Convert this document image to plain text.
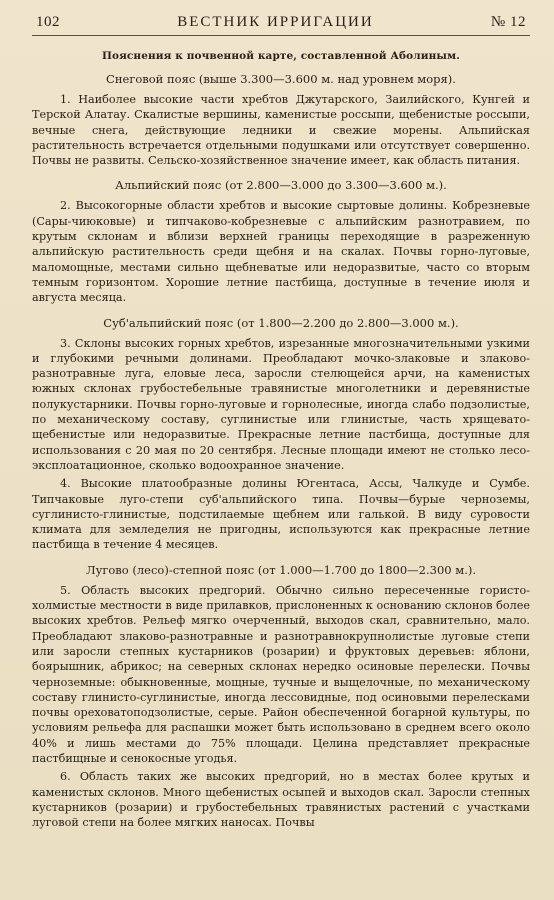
102	ВЕСТНИК ИРРИГАЦИИ	№ 12
Пояснения к почвенной карте, составленной Аболиным.
Снеговой пояс (выше 3.300—3.600 м. над уровнем моря).

1. Наиболее высокие части хребтов Джутарского, Заилийского, Кунгей и Терской Алатау. Скалистые вершины, каменистые россыпи, щебенистые россыпи, вечные снега, действующие ледники и свежие морены. Альпийская растительность встречается отдельными подушками или отсутствует совершенно. Почвы не развиты. Сельско-хозяйственное значение имеет, как область питания.

Альпийский пояс (от 2.800—3.000 до 3.300—3.600 м.).

2. Высокогорные области хребтов и высокие сыртовые долины. Кобрезневые (Сары-чиюковые) и типчаково-кобрезневые с альпийским разнотравием, по крутым склонам и вблизи верхней границы переходящие в разреженную альпийскую растительность среди щебня и на скалах. Почвы горно-луговые, маломощные, местами сильно щебневатые или недоразвитые, часто со вторым темным горизонтом. Хорошие летние пастбища, доступные в течение июля и августа месяца.

Суб'альпийский пояс (от 1.800—2.200 до 2.800—3.000 м.).

3. Склоны высоких горных хребтов, изрезанные многозначительными узкими и глубокими речными долинами. Преобладают мочко-злаковые и злаково-разнотравные луга, еловые леса, заросли стелющейся арчи, на каменистых южных склонах грубостебельные травянистые многолетники и деревянистые полукустарники. Почвы горно-луговые и горнолесные, иногда слабо подзолистые, по механическому составу, суглинистые или глинистые, часть хрящевато-щебенистые или недоразвитые. Прекрасные летние пастбища, доступные для использования с 20 мая по 20 сентября. Лесные площади имеют не столько лесо-эксплоатационное, сколько водоохранное значение.

4. Высокие платообразные долины Югентаса, Ассы, Чалкуде и Сумбе. Типчаковые луго-степи суб'альпийского типа. Почвы—бурые черноземы, суглинисто-глинистые, подстилаемые щебнем или галькой. В виду суровости климата для земледелия не пригодны, используются как прекрасные летние пастбища в течение 4 месяцев.

Лугово (лесо)-степной пояс (от 1.000—1.700 до 1800—2.300 м.).

5. Область высоких предгорий. Обычно сильно пересеченные гористо-холмистые местности в виде прилавков, прислоненных к основанию склонов более высоких хребтов. Рельеф мягко очерченный, выходов скал, сравнительно, мало. Преобладают злаково-разнотравные и разнотравнокрупнолистые луговые степи или заросли степных кустарников (розарии) и фруктовых деревьев: яблони, боярышник, абрикос; на северных склонах нередко осиновые перелески. Почвы черноземные: обыкновенные, мощные, тучные и выщелочные, по механическому составу глинисто-суглинистые, иногда лессовидные, под осиновыми перелесками почвы ореховатоподзолистые, серые. Район обеспеченной богарной культуры, по условиям рельефа для распашки может быть использовано в среднем всего около 40% и лишь местами до 75% площади. Целина представляет прекрасные пастбищные и сенокосные угодья.

6. Область таких же высоких предгорий, но в местах более крутых и каменистых склонов. Много щебенистых осыпей и выходов скал. Заросли степных кустарников (розарии) и грубостебельных травянистых растений с участками луговой степи на более мягких наносах. Почвы
